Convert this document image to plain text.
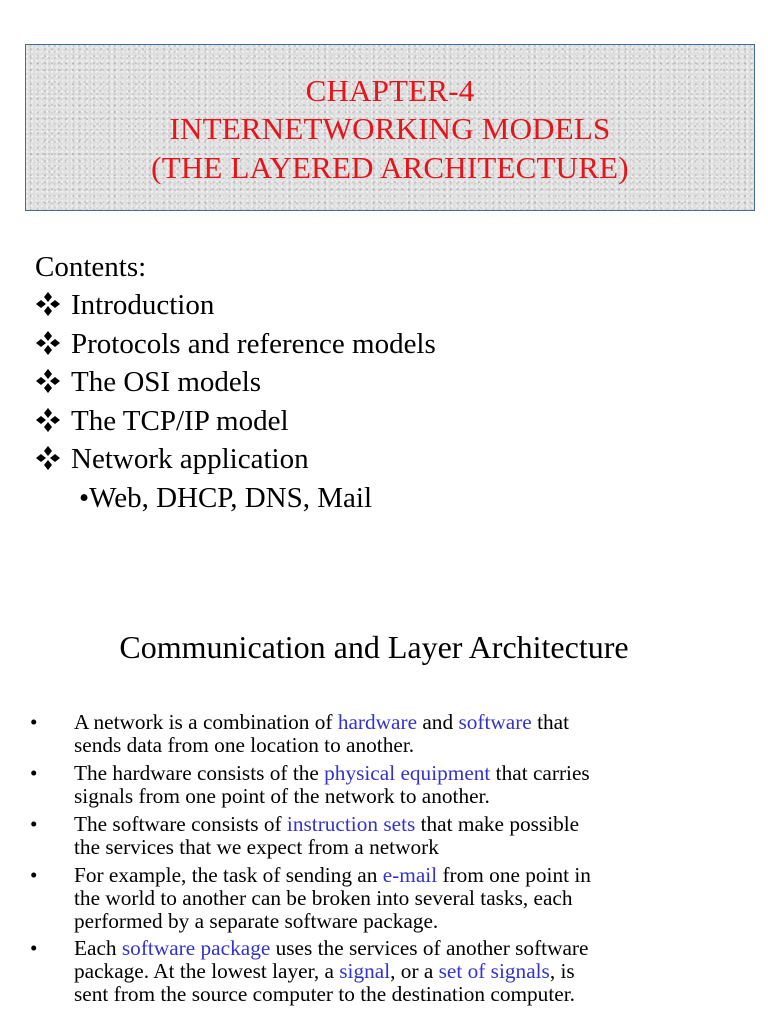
CHAPTER-4
INTERNETWORKING MODELS
(THE LAYERED ARCHITECTURE)
Contents:
Introduction
Protocols and reference models
The OSI models
The TCP/IP model
Network application
•Web, DHCP, DNS, Mail
Communication and Layer Architecture
•	A network is a combination of hardware and software that
sends data from one location to another.
•	The hardware consists of the physical equipment that carries
signals from one point of the network to another.
•	The software consists of instruction sets that make possible
the services that we expect from a network
•	For example, the task of sending an e-mail from one point in
the world to another can be broken into several tasks, each
performed by a separate software package.
•	Each software package uses the services of another software
package. At the lowest layer, a signal, or a set of signals, is
sent from the source computer to the destination computer.
